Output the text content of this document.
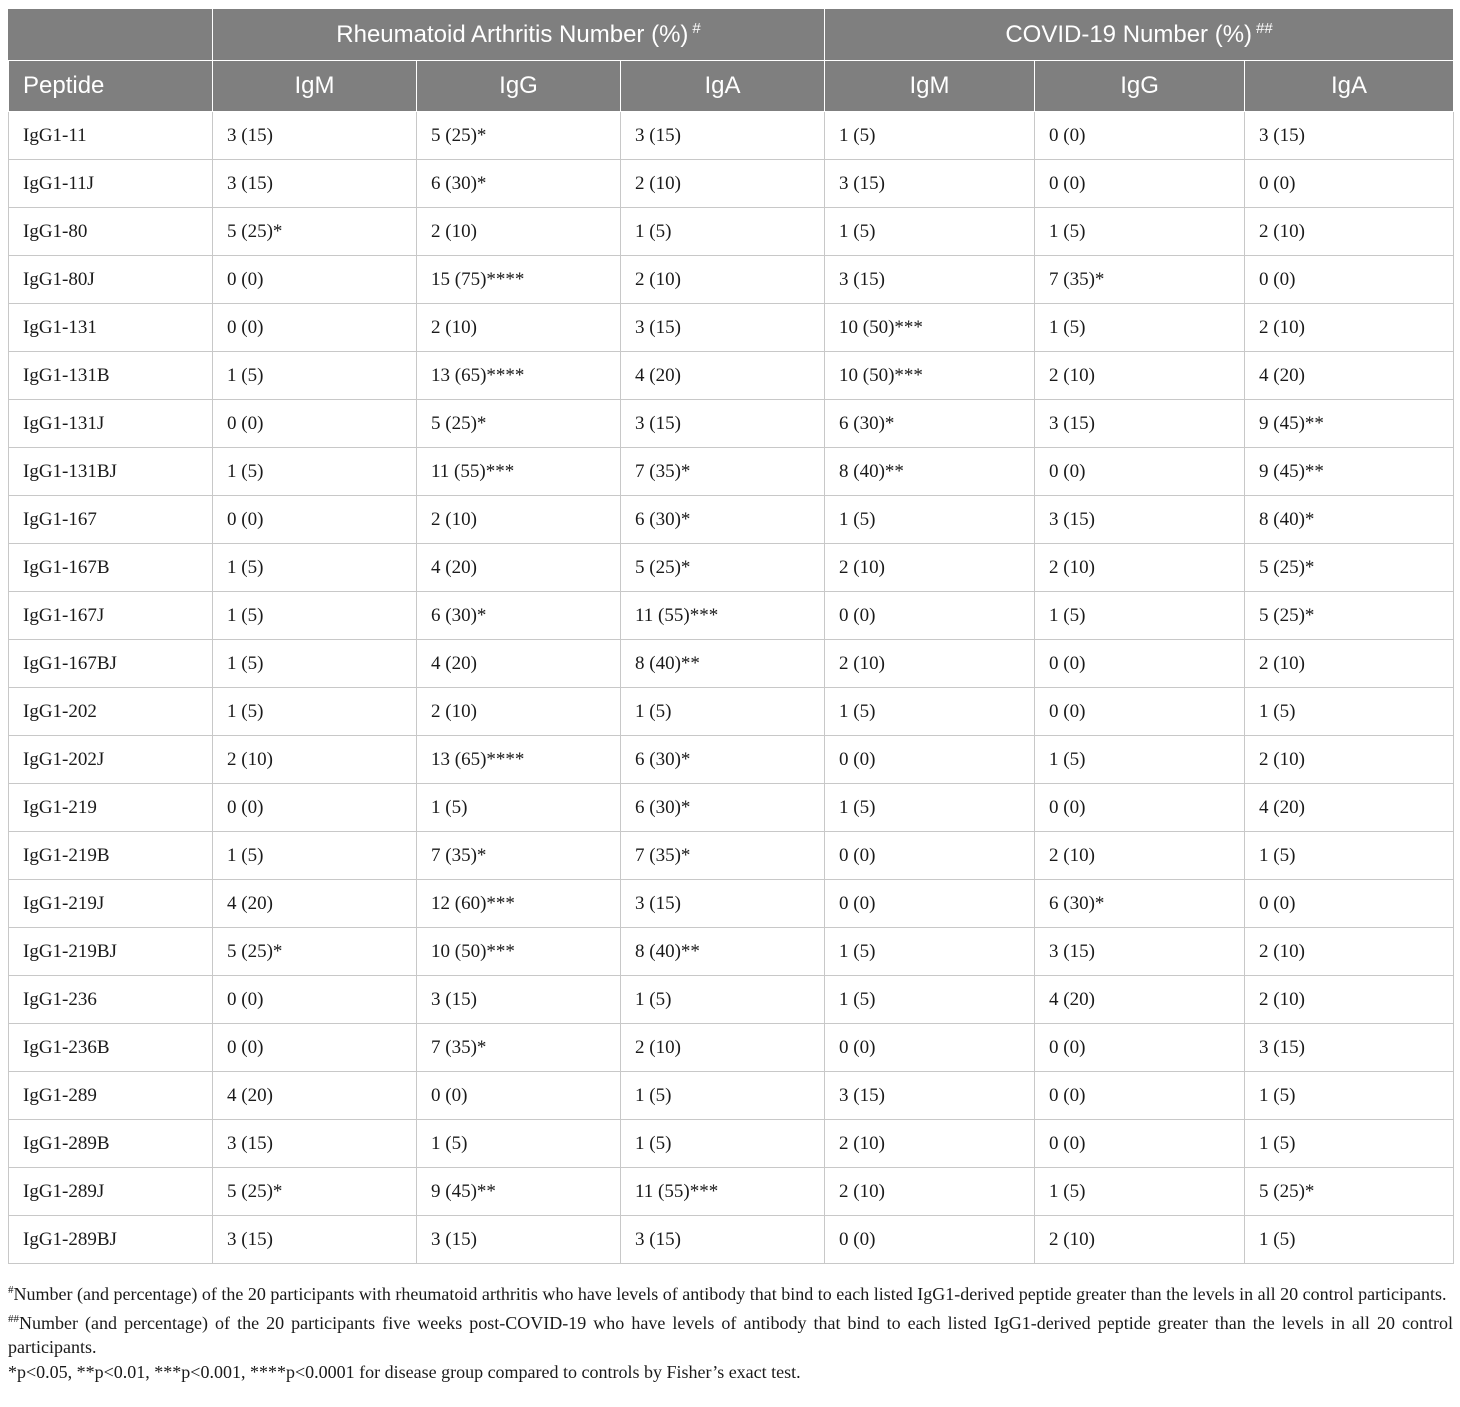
	Rheumatoid Arthritis Number (%) #			COVID-19 Number (%) ##
Peptide	IgM	IgG	IgA	IgM	IgG	IgA
IgG1-11	3 (15)	5 (25)*	3 (15)	1 (5)	0 (0)	3 (15)
IgG1-11J	3 (15)	6 (30)*	2 (10)	3 (15)	0 (0)	0 (0)
IgG1-80	5 (25)*	2 (10)	1 (5)	1 (5)	1 (5)	2 (10)
IgG1-80J	0 (0)	15 (75)****	2 (10)	3 (15)	7 (35)*	0 (0)
IgG1-131	0 (0)	2 (10)	3 (15)	10 (50)***	1 (5)	2 (10)
IgG1-131B	1 (5)	13 (65)****	4 (20)	10 (50)***	2 (10)	4 (20)
IgG1-131J	0 (0)	5 (25)*	3 (15)	6 (30)*	3 (15)	9 (45)**
IgG1-131BJ	1 (5)	11 (55)***	7 (35)*	8 (40)**	0 (0)	9 (45)**
IgG1-167	0 (0)	2 (10)	6 (30)*	1 (5)	3 (15)	8 (40)*
IgG1-167B	1 (5)	4 (20)	5 (25)*	2 (10)	2 (10)	5 (25)*
IgG1-167J	1 (5)	6 (30)*	11 (55)***	0 (0)	1 (5)	5 (25)*
IgG1-167BJ	1 (5)	4 (20)	8 (40)**	2 (10)	0 (0)	2 (10)
IgG1-202	1 (5)	2 (10)	1 (5)	1 (5)	0 (0)	1 (5)
IgG1-202J	2 (10)	13 (65)****	6 (30)*	0 (0)	1 (5)	2 (10)
IgG1-219	0 (0)	1 (5)	6 (30)*	1 (5)	0 (0)	4 (20)
IgG1-219B	1 (5)	7 (35)*	7 (35)*	0 (0)	2 (10)	1 (5)
IgG1-219J	4 (20)	12 (60)***	3 (15)	0 (0)	6 (30)*	0 (0)
IgG1-219BJ	5 (25)*	10 (50)***	8 (40)**	1 (5)	3 (15)	2 (10)
IgG1-236	0 (0)	3 (15)	1 (5)	1 (5)	4 (20)	2 (10)
IgG1-236B	0 (0)	7 (35)*	2 (10)	0 (0)	0 (0)	3 (15)
IgG1-289	4 (20)	0 (0)	1 (5)	3 (15)	0 (0)	1 (5)
IgG1-289B	3 (15)	1 (5)	1 (5)	2 (10)	0 (0)	1 (5)
IgG1-289J	5 (25)*	9 (45)**	11 (55)***	2 (10)	1 (5)	5 (25)*
IgG1-289BJ	3 (15)	3 (15)	3 (15)	0 (0)	2 (10)	1 (5)

#Number (and percentage) of the 20 participants with rheumatoid arthritis who have levels of antibody that bind to each listed IgG1-derived peptide greater than the levels in all 20 control participants.

##Number (and percentage) of the 20 participants five weeks post-COVID-19 who have levels of antibody that bind to each listed IgG1-derived peptide greater than the levels in all 20 control participants.

*p<0.05, **p<0.01, ***p<0.001, ****p<0.0001 for disease group compared to controls by Fisher’s exact test.
